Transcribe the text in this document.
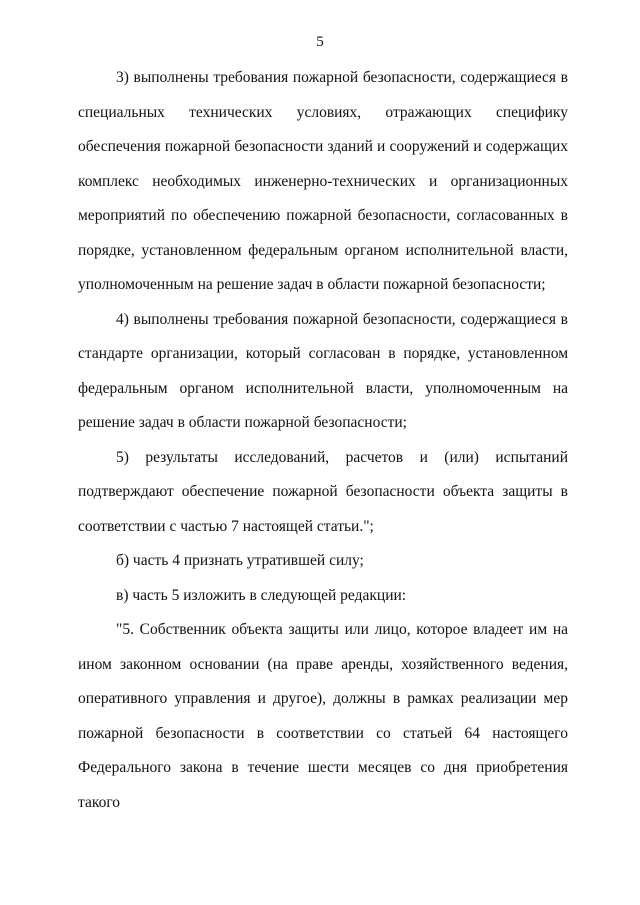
5

3) выполнены требования пожарной безопасности, содержащиеся в специальных технических условиях, отражающих специфику обеспечения пожарной безопасности зданий и сооружений и содержащих комплекс необходимых инженерно-технических и организационных мероприятий по обеспечению пожарной безопасности, согласованных в порядке, установленном федеральным органом исполнительной власти, уполномоченным на решение задач в области пожарной безопасности;

4) выполнены требования пожарной безопасности, содержащиеся в стандарте организации, который согласован в порядке, установленном федеральным органом исполнительной власти, уполномоченным на решение задач в области пожарной безопасности;

5) результаты исследований, расчетов и (или) испытаний подтверждают обеспечение пожарной безопасности объекта защиты в соответствии с частью 7 настоящей статьи.";

б) часть 4 признать утратившей силу;

в) часть 5 изложить в следующей редакции:

"5. Собственник объекта защиты или лицо, которое владеет им на ином законном основании (на праве аренды, хозяйственного ведения, оперативного управления и другое), должны в рамках реализации мер пожарной безопасности в соответствии со статьей 64 настоящего Федерального закона в течение шести месяцев со дня приобретения такого
